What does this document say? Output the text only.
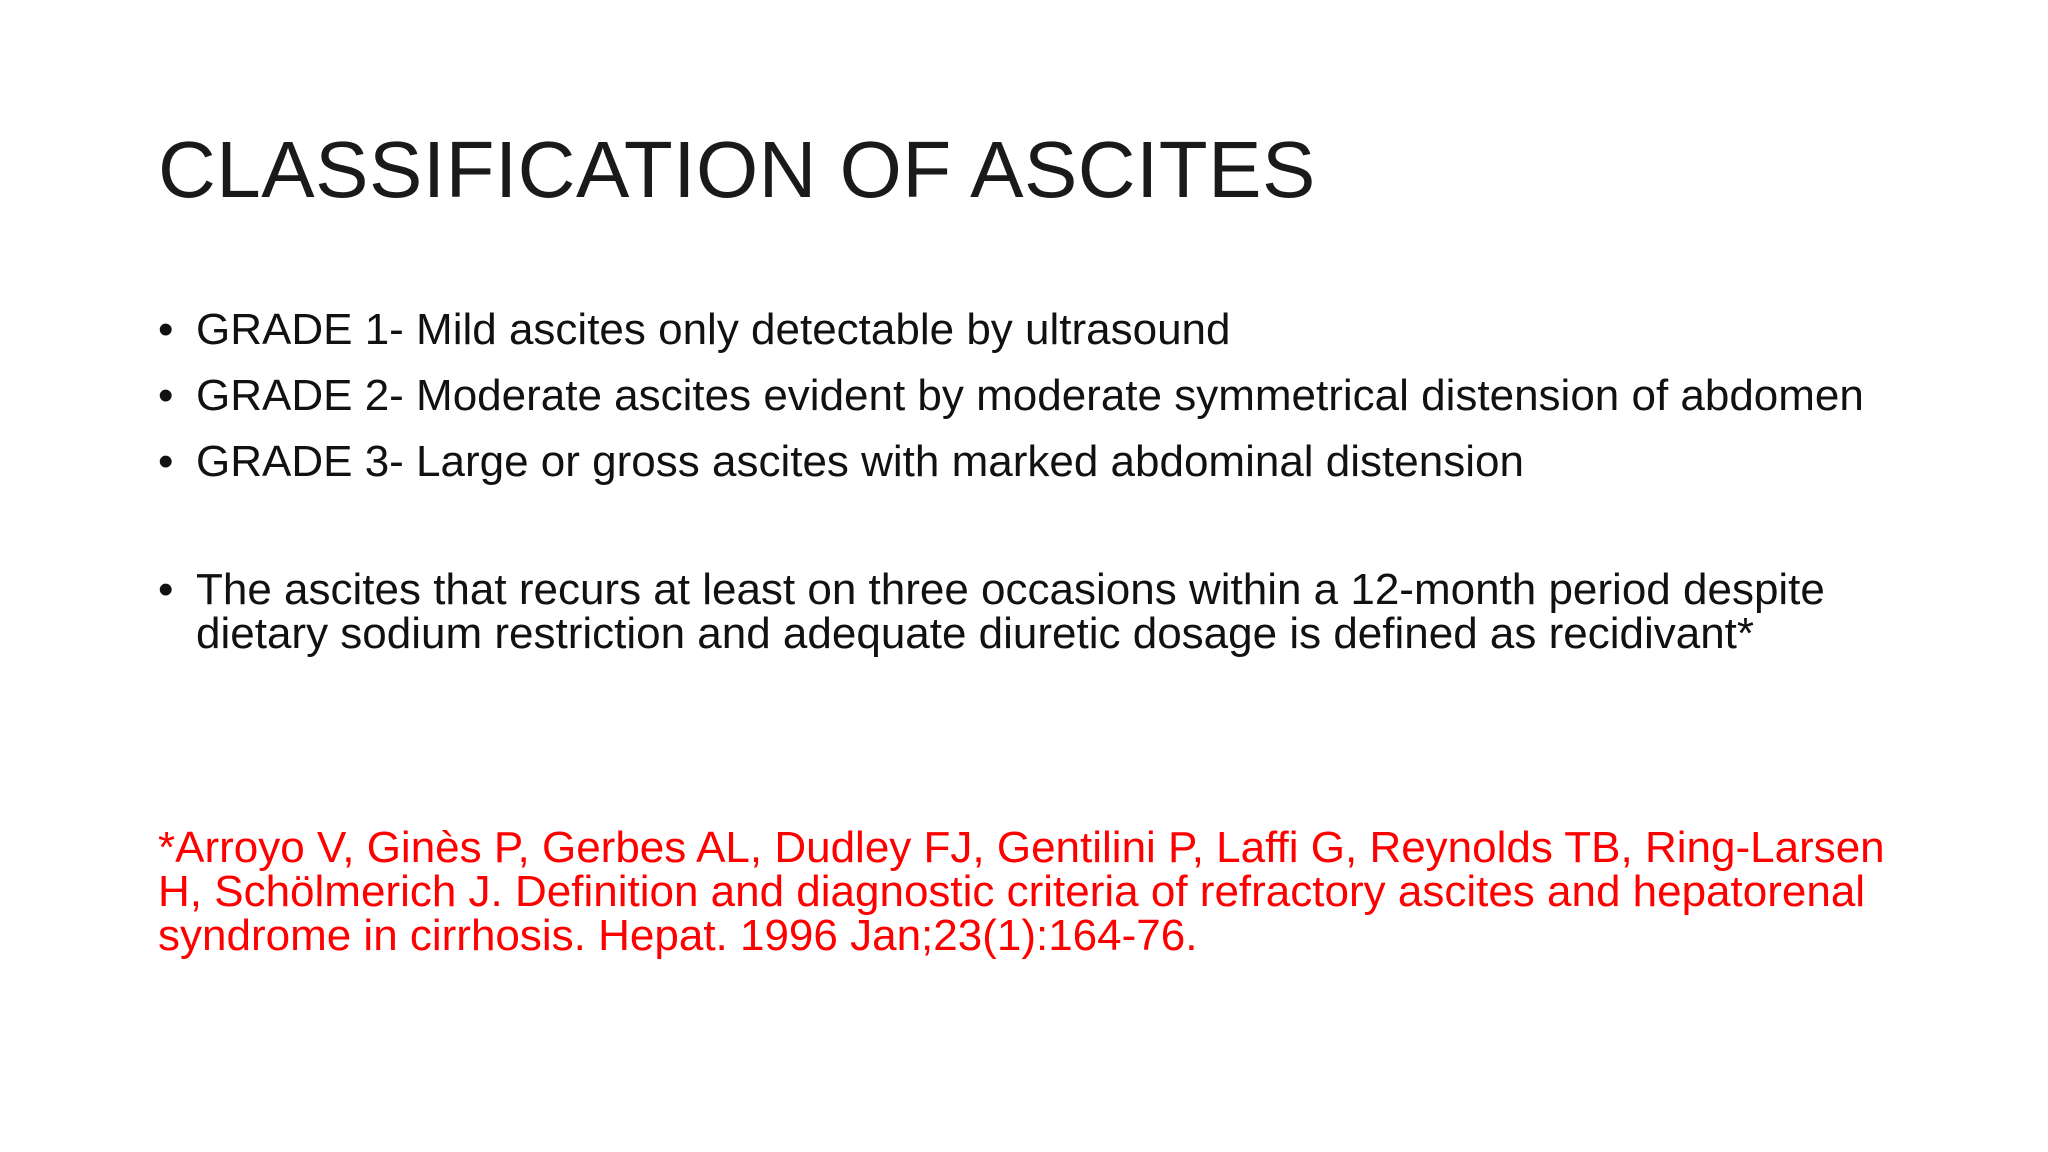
CLASSIFICATION OF ASCITES
• GRADE 1- Mild ascites only detectable by ultrasound
• GRADE 2- Moderate ascites evident by moderate symmetrical distension of abdomen
• GRADE 3- Large or gross ascites with marked abdominal distension
• The ascites that recurs at least on three occasions within a 12-month period despite dietary sodium restriction and adequate diuretic dosage is defined as recidivant*

*Arroyo V, Ginès P, Gerbes AL, Dudley FJ, Gentilini P, Laffi G, Reynolds TB, Ring-Larsen H, Schölmerich J. Definition and diagnostic criteria of refractory ascites and hepatorenal syndrome in cirrhosis. Hepat. 1996 Jan;23(1):164-76.
